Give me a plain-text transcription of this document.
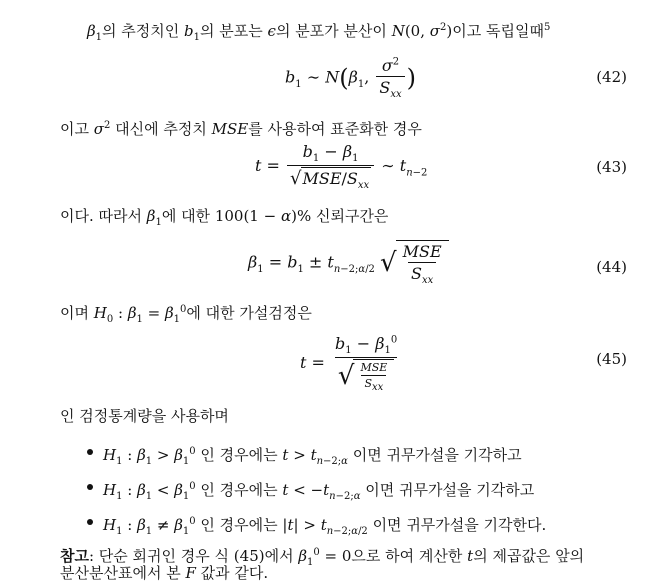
$\beta_1$의 추정치인 $b_1$의 분포는 ϵ의 분포가 분산이 N(0, $\sigma^2$)이고 독립일때$^5$
$b_1$ ∼ $N(\beta_1$, $\frac{\sigma^2}{S_{xx}}$ )	(42)
이고 $\sigma^2$ 대신에 추정치 MSE를 사용하여 표준화한 경우
$t = \frac{b_1 - \beta_1}{√ MSE/S_{xx}}$ ∼ $t_{n-2}$	(43)
이다. 따라서 $\beta_1$에 대한 100(1 − α)% 신뢰구간은
$\beta_1 = b_1 \pm t_{n-2;\alpha/2}$ √ $\frac{\text{MSE}}{S_{xx}}$	(44)
이며 $H_0$ : $\beta_1 = \beta_1^0$에 대한 가설검정은
$t = \frac{b_1 - \beta_1^0}{√ \frac{\text{MSE}}{S_{xx}}}$	(45)
인 검정통계량을 사용하며
$H_1$ : $\beta_1 > \beta_1^0$ 인 경우에는 $t > t_{n-2;\alpha}$ 이면 귀무가설을 기각하고
$H_1$ : $\beta_1 < \beta_1^0$ 인 경우에는 $t < -t_{n-2;\alpha}$ 이면 귀무가설을 기각하고
$H_1$ : $\beta_1 \ne \beta_1^0$ 인 경우에는 $|t| > t_{n-2;\alpha/2}$ 이면 귀무가설을 기각한다.
참고: 단순 회귀인 경우 식 (45)에서 $\beta_1^0 = 0$으로 하여 계산한 t의 제곱값은 앞의
분산분산표에서 본 F 값과 같다.
